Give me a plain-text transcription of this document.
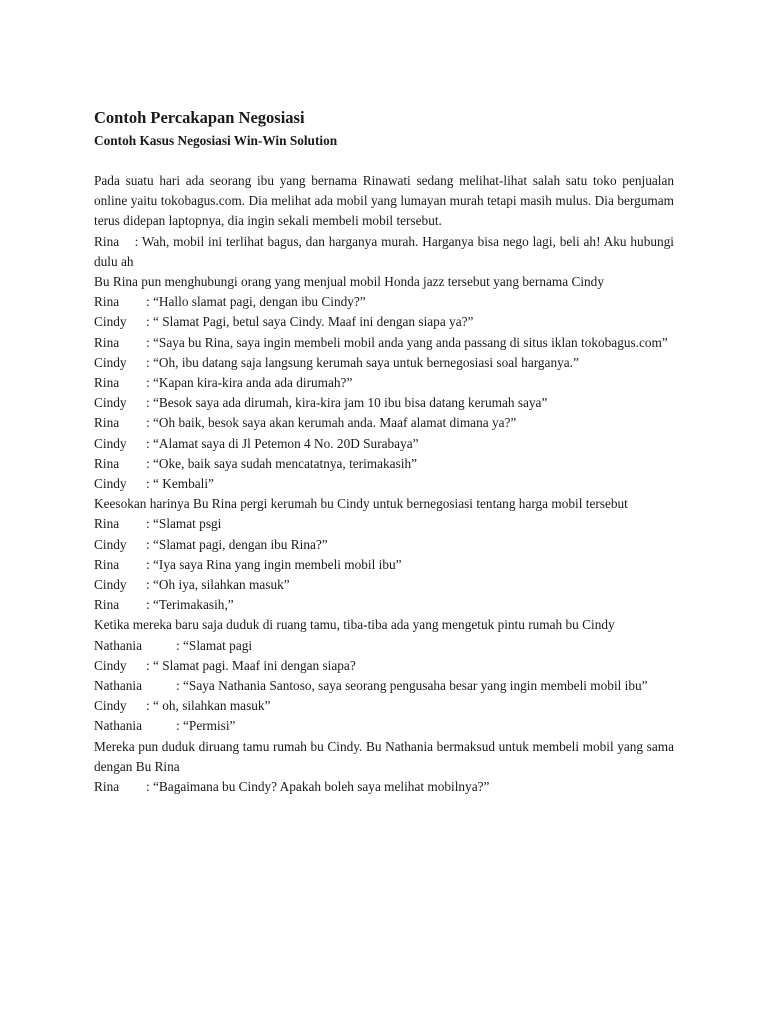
Contoh Percakapan Negosiasi
Contoh Kasus Negosiasi Win-Win Solution

Pada suatu hari ada seorang ibu yang bernama Rinawati sedang melihat-lihat salah satu toko penjualan online yaitu tokobagus.com. Dia melihat ada mobil yang lumayan murah tetapi masih mulus. Dia bergumam terus didepan laptopnya, dia ingin sekali membeli mobil tersebut.

Rina    : Wah, mobil ini terlihat bagus, dan harganya murah. Harganya bisa nego lagi, beli ah! Aku hubungi dulu ah

Bu Rina pun menghubungi orang yang menjual mobil Honda jazz tersebut yang bernama Cindy

Rina	: “Hallo slamat pagi, dengan ibu Cindy?”
Cindy	: “ Slamat Pagi, betul saya Cindy. Maaf ini dengan siapa ya?”
Rina	: “Saya bu Rina, saya ingin membeli mobil anda yang anda passang di situs iklan tokobagus.com”
Cindy	: “Oh, ibu datang saja langsung kerumah saya untuk bernegosiasi soal harganya.”
Rina	: “Kapan kira-kira anda ada dirumah?”
Cindy	: “Besok saya ada dirumah, kira-kira jam 10 ibu bisa datang kerumah saya”
Rina	: “Oh baik, besok saya akan kerumah anda. Maaf alamat dimana ya?”
Cindy	: “Alamat saya di Jl Petemon 4 No. 20D Surabaya”
Rina	: “Oke, baik saya sudah mencatatnya, terimakasih”
Cindy	: “ Kembali”

Keesokan harinya Bu Rina pergi kerumah bu Cindy untuk bernegosiasi tentang harga mobil tersebut

Rina	: “Slamat psgi
Cindy	: “Slamat pagi, dengan ibu Rina?”
Rina	: “Iya saya Rina yang ingin membeli mobil ibu”
Cindy	: “Oh iya, silahkan masuk”
Rina	: “Terimakasih,”

Ketika mereka baru saja duduk di ruang tamu, tiba-tiba ada yang mengetuk pintu rumah bu Cindy

Nathania	: “Slamat pagi
Cindy	: “ Slamat pagi. Maaf ini dengan siapa?
Nathania	: “Saya Nathania Santoso, saya seorang pengusaha besar yang ingin membeli mobil ibu”
Cindy	: “ oh, silahkan masuk”
Nathania	: “Permisi”

Mereka pun duduk diruang tamu rumah bu Cindy. Bu Nathania bermaksud untuk membeli mobil yang sama dengan Bu Rina

Rina	: “Bagaimana bu Cindy? Apakah boleh saya melihat mobilnya?”
